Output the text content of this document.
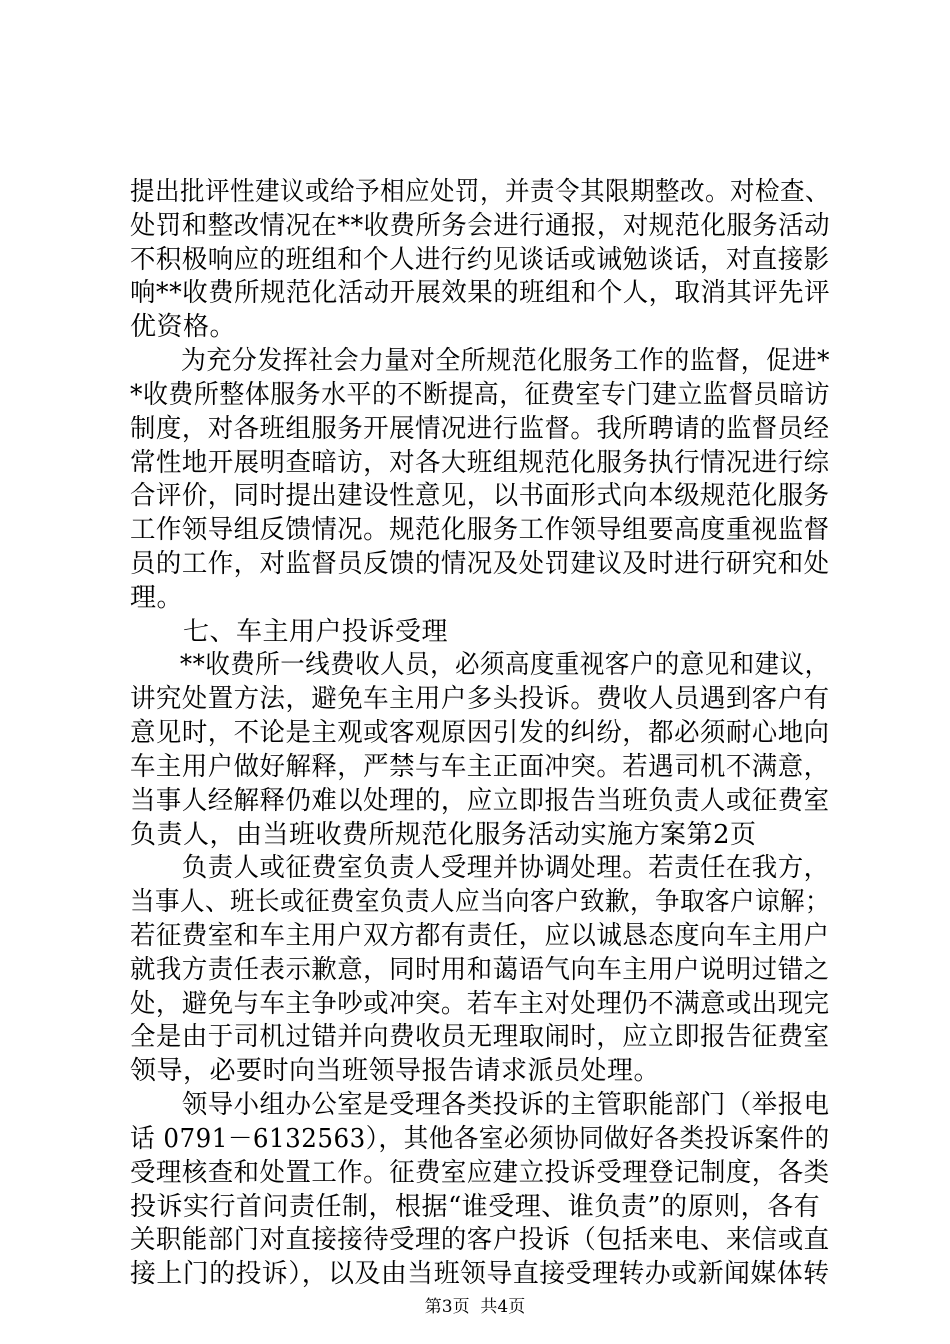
提出批评性建议或给予相应处罚，并责令其限期整改。对检查、
处罚和整改情况在**收费所务会进行通报，对规范化服务活动
不积极响应的班组和个人进行约见谈话或诫勉谈话，对直接影
响**收费所规范化活动开展效果的班组和个人，取消其评先评
优资格。
　　为充分发挥社会力量对全所规范化服务工作的监督，促进*
*收费所整体服务水平的不断提高，征费室专门建立监督员暗访
制度，对各班组服务开展情况进行监督。我所聘请的监督员经
常性地开展明查暗访，对各大班组规范化服务执行情况进行综
合评价，同时提出建设性意见，以书面形式向本级规范化服务
工作领导组反馈情况。规范化服务工作领导组要高度重视监督
员的工作，对监督员反馈的情况及处罚建议及时进行研究和处
理。
　　七、车主用户投诉受理
　　**收费所一线费收人员，必须高度重视客户的意见和建议，
讲究处置方法，避免车主用户多头投诉。费收人员遇到客户有
意见时，不论是主观或客观原因引发的纠纷，都必须耐心地向
车主用户做好解释，严禁与车主正面冲突。若遇司机不满意，
当事人经解释仍难以处理的，应立即报告当班负责人或征费室
负责人，由当班收费所规范化服务活动实施方案第2页
　　负责人或征费室负责人受理并协调处理。若责任在我方，
当事人、班长或征费室负责人应当向客户致歉，争取客户谅解；
若征费室和车主用户双方都有责任，应以诚恳态度向车主用户
就我方责任表示歉意，同时用和蔼语气向车主用户说明过错之
处，避免与车主争吵或冲突。若车主对处理仍不满意或出现完
全是由于司机过错并向费收员无理取闹时，应立即报告征费室
领导，必要时向当班领导报告请求派员处理。
　　领导小组办公室是受理各类投诉的主管职能部门（举报电
话 0791－6132563），其他各室必须协同做好各类投诉案件的
受理核查和处置工作。征费室应建立投诉受理登记制度，各类
投诉实行首问责任制，根据“谁受理、谁负责”的原则，各有
关职能部门对直接接待受理的客户投诉（包括来电、来信或直
第3页  共4页
接上门的投诉），以及由当班领导直接受理转办或新闻媒体转
